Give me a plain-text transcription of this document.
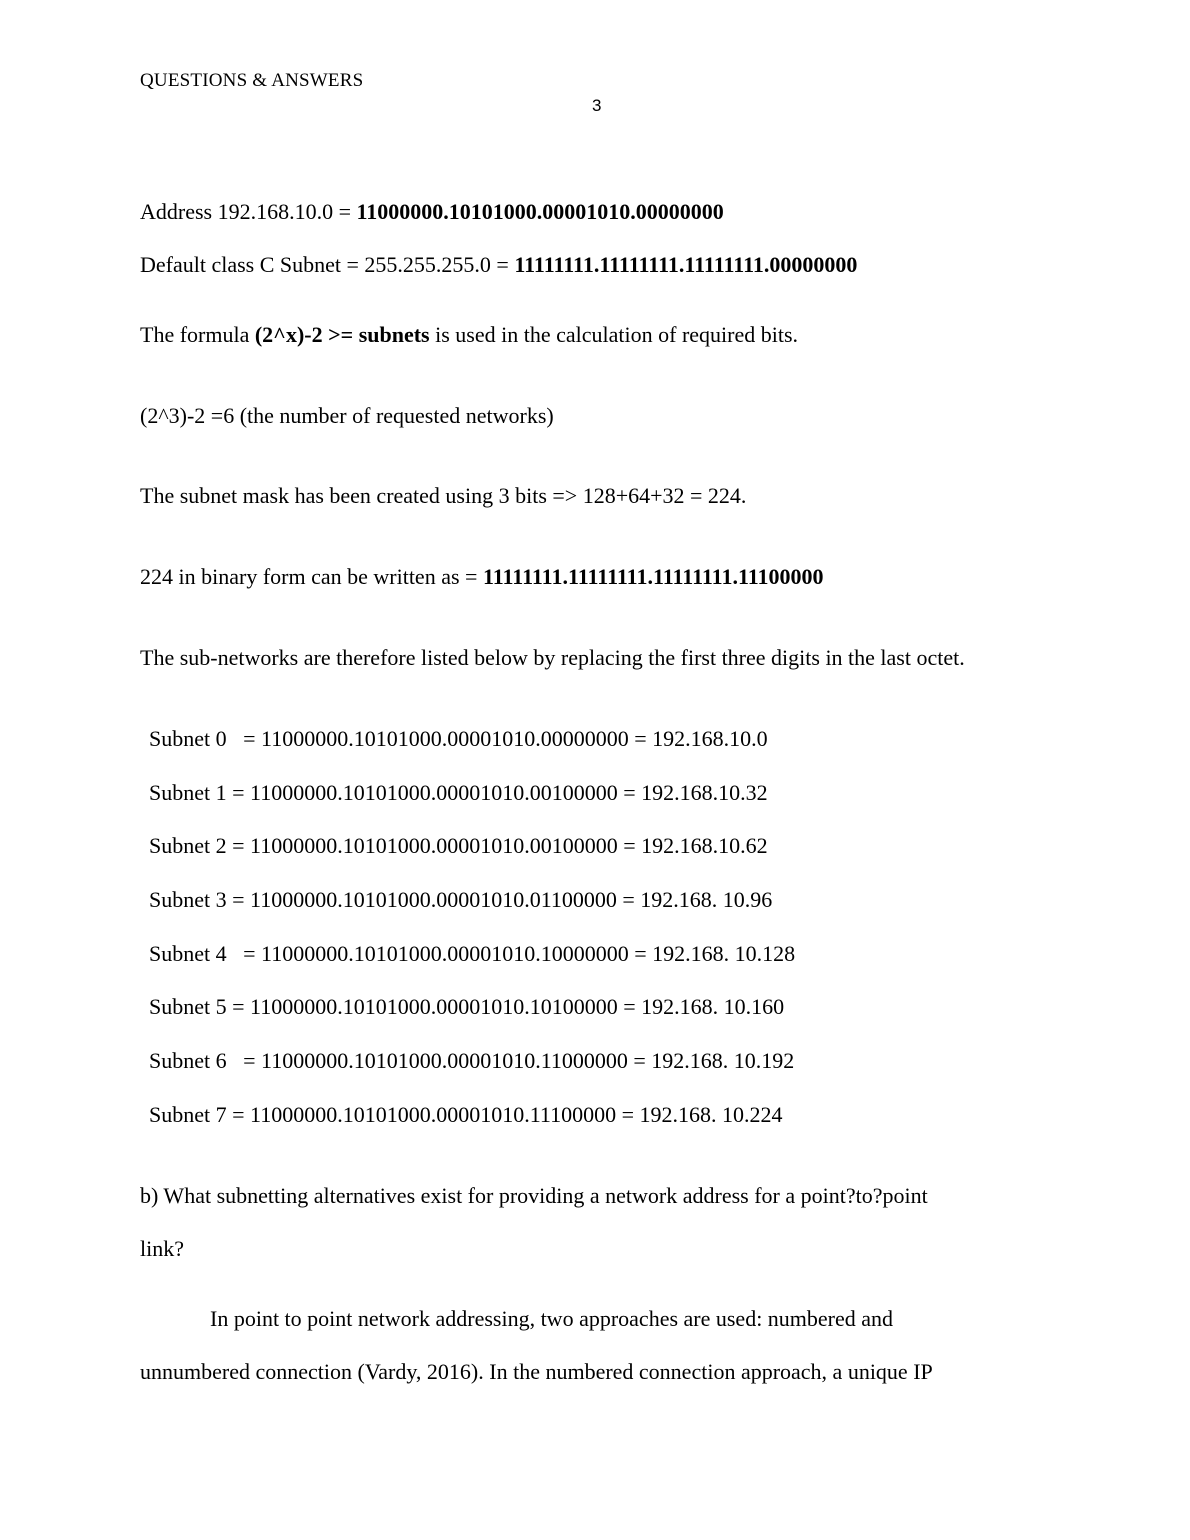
QUESTIONS & ANSWERS
3
Address 192.168.10.0 = 11000000.10101000.00001010.00000000
Default class C Subnet = 255.255.255.0 = 11111111.11111111.11111111.00000000
The formula (2^x)-2 >= subnets is used in the calculation of required bits.
(2^3)-2 =6 (the number of requested networks)
The subnet mask has been created using 3 bits => 128+64+32 = 224.
224 in binary form can be written as = 11111111.11111111.11111111.11100000
The sub-networks are therefore listed below by replacing the first three digits in the last octet.
Subnet 0   = 11000000.10101000.00001010.00000000 = 192.168.10.0
Subnet 1 = 11000000.10101000.00001010.00100000 = 192.168.10.32
Subnet 2 = 11000000.10101000.00001010.00100000 = 192.168.10.62
Subnet 3 = 11000000.10101000.00001010.01100000 = 192.168. 10.96
Subnet 4   = 11000000.10101000.00001010.10000000 = 192.168. 10.128
Subnet 5 = 11000000.10101000.00001010.10100000 = 192.168. 10.160
Subnet 6   = 11000000.10101000.00001010.11000000 = 192.168. 10.192
Subnet 7 = 11000000.10101000.00001010.11100000 = 192.168. 10.224
b) What subnetting alternatives exist for providing a network address for a point?to?point
link?
In point to point network addressing, two approaches are used: numbered and
unnumbered connection (Vardy, 2016). In the numbered connection approach, a unique IP
